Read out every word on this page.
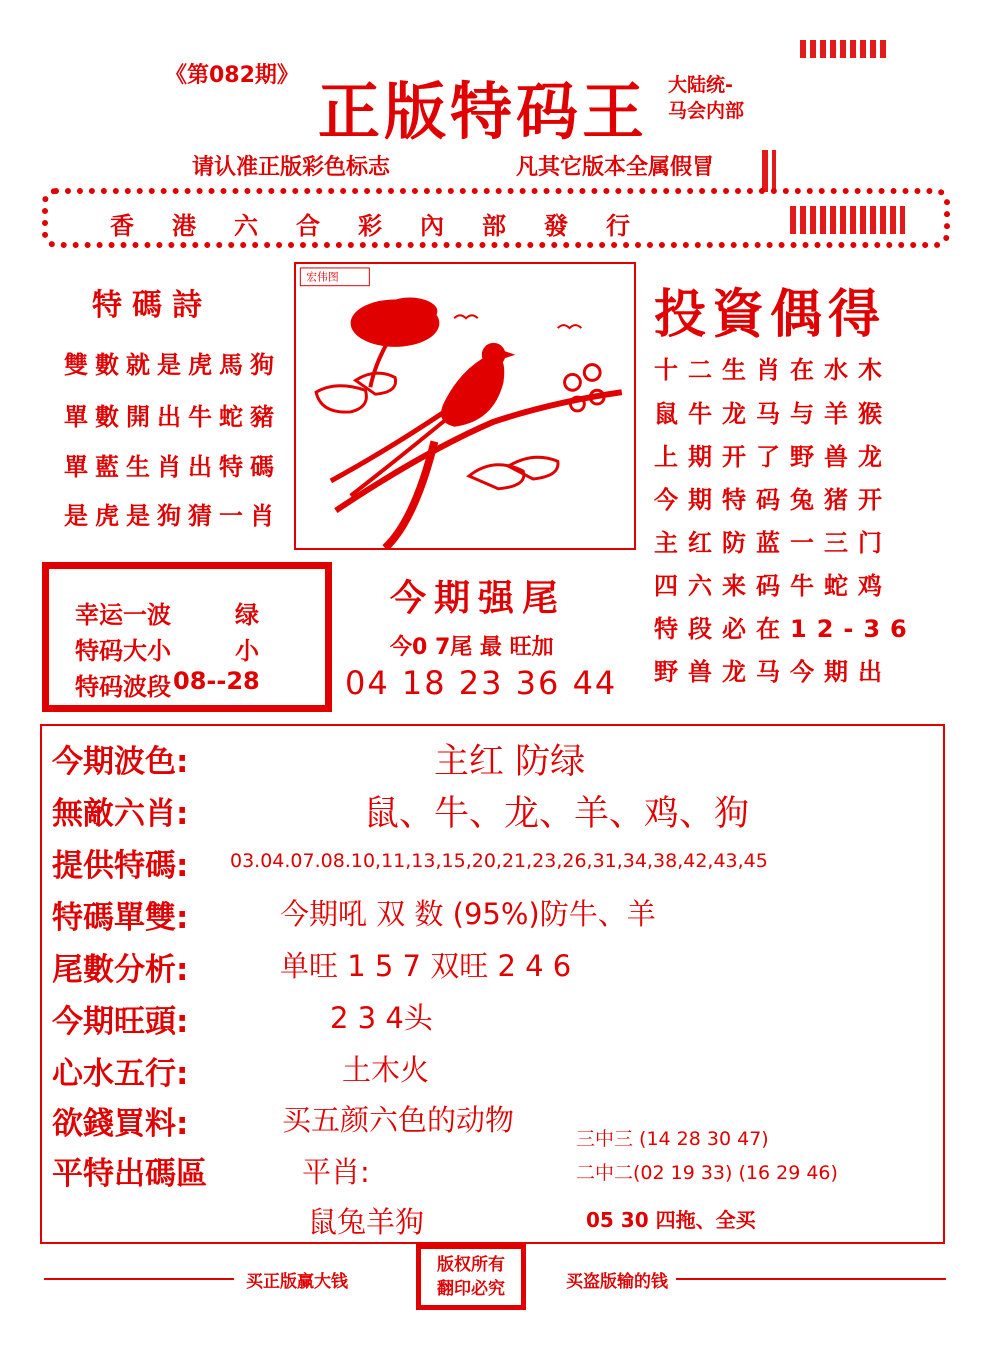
《第082期》 正版特码王 大陆统-
马会内部
请认准正版彩色标志	凡其它版本全属假冒
香港六合彩內部發行
特碼詩
雙數就是虎馬狗
單數開出牛蛇豬
單藍生肖出特碼
是虎是狗猜一肖
宏伟图
投資偶得
十二生肖在水木
鼠牛龙马与羊猴
上期开了野兽龙
今期特码兔猪开
主红防蓝一三门
四六来码牛蛇鸡
特段必在12-36
野兽龙马今期出
幸运一波	绿
特码大小	小
特码波段 08--28
今期强尾
今0 7尾 最 旺加
04 18 23 36 44
今期波色:	主红 防绿
無敵六肖:	鼠、牛、龙、羊、鸡、狗
提供特碼: 03.04.07.08.10,11,13,15,20,21,23,26,31,34,38,42,43,45
特碼單雙:	今期吼 双 数 (95%)防牛、羊
尾數分析:	单旺 1 5 7 双旺 2 4 6
今期旺頭:	2 3 4头
心水五行:	土木火
欲錢買料:	买五颜六色的动物
平特出碼區	平肖:
鼠兔羊狗
三中三 (14 28 30 47)
二中二(02 19 33) (16 29 46)
05 30 四拖、全买
买正版赢大钱
版权所有
翻印必究	买盗版输的钱
